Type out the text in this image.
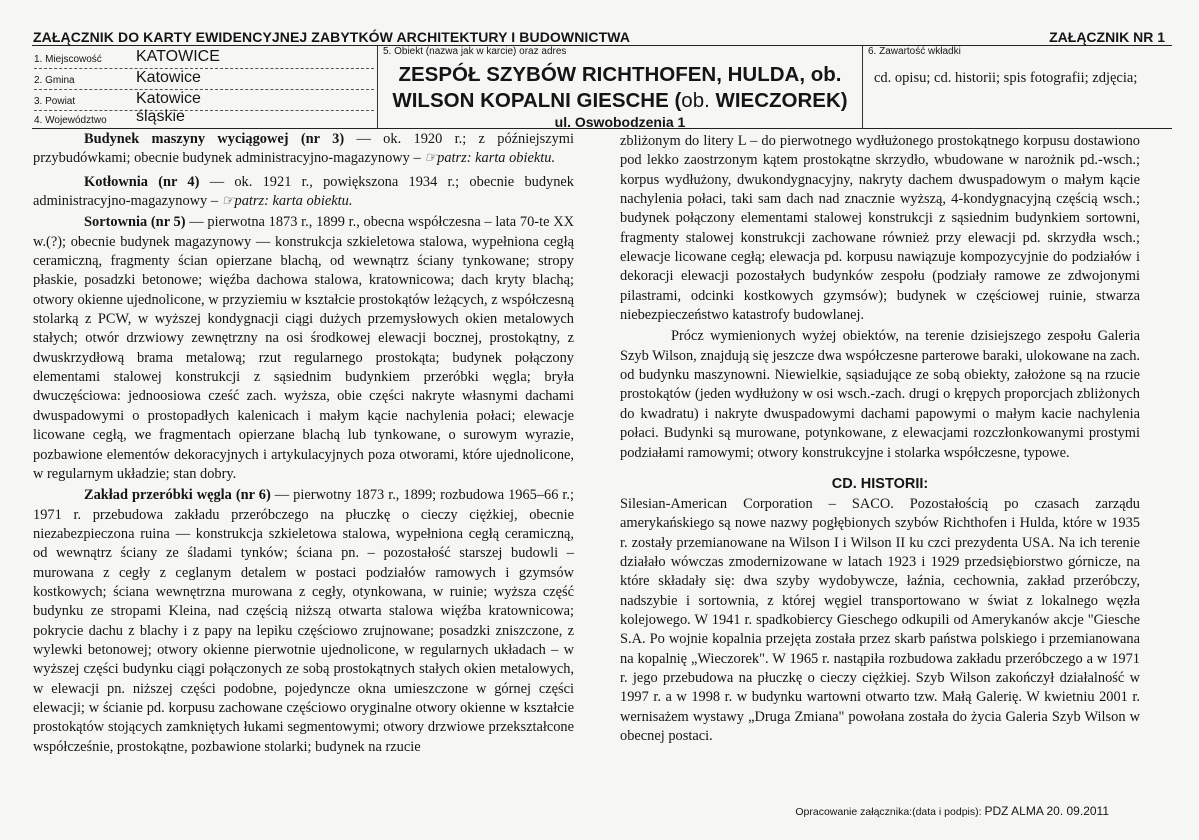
ZAŁĄCZNIK DO KARTY EWIDENCYJNEJ ZABYTKÓW ARCHITEKTURY I BUDOWNICTWA	ZAŁĄCZNIK NR 1
1. Miejscowość KATOWICE
2. Gmina	Katowice
3. Powiat	Katowice
4. Województwo śląskie
5. Obiekt (nazwa jak w karcie) oraz adres
ZESPÓŁ SZYBÓW RICHTHOFEN, HULDA, ob.
WILSON KOPALNI GIESCHE (ob. WIECZOREK)
ul. Oswobodzenia 1
6. Zawartość wkładki
cd. opisu; cd. historii; spis fotografii; zdjęcia;

Budynek maszyny wyciągowej (nr 3) — ok. 1920 r.; z późniejszymi przybudówkami; obecnie budynek administracyjno-magazynowy – ☞patrz: karta obiektu.

Kotłownia (nr 4) — ok. 1921 r., powiększona 1934 r.; obecnie budynek administracyjno-magazynowy – ☞patrz: karta obiektu.

Sortownia (nr 5) — pierwotna 1873 r., 1899 r., obecna współczesna – lata 70-te XX w.(?); obecnie budynek magazynowy — konstrukcja szkieletowa stalowa, wypełniona cegłą ceramiczną, fragmenty ścian opierzane blachą, od wewnątrz ściany tynkowane; stropy płaskie, posadzki betonowe; więźba dachowa stalowa, kratownicowa; dach kryty blachą; otwory okienne ujednolicone, w przyziemiu w kształcie prostokątów leżących, z współczesną stolarką z PCW, w wyższej kondygnacji ciągi dużych przemysłowych okien metalowych stałych; otwór drzwiowy zewnętrzny na osi środkowej elewacji bocznej, prostokątny, z dwuskrzydłową brama metalową; rzut regularnego prostokąta; budynek połączony elementami stalowej konstrukcji z sąsiednim budynkiem przeróbki węgla; bryła dwuczęściowa: jednoosiowa cześć zach. wyższa, obie części nakryte własnymi dachami dwuspadowymi o prostopadłych kalenicach i małym kącie nachylenia połaci; elewacje licowane cegłą, we fragmentach opierzane blachą lub tynkowane, o surowym wyrazie, pozbawione elementów dekoracyjnych i artykulacyjnych poza otworami, które ujednolicone, w regularnym układzie; stan dobry.

Zakład przeróbki węgla (nr 6) — pierwotny 1873 r., 1899; rozbudowa 1965–66 r.; 1971 r. przebudowa zakładu przeróbczego na płuczkę o cieczy ciężkiej, obecnie niezabezpieczona ruina — konstrukcja szkieletowa stalowa, wypełniona cegłą ceramiczną, od wewnątrz ściany ze śladami tynków; ściana pn. – pozostałość starszej budowli – murowana z cegły z ceglanym detalem w postaci podziałów ramowych i gzymsów kostkowych; ściana wewnętrzna murowana z cegły, otynkowana, w ruinie; wyższa część budynku ze stropami Kleina, nad częścią niższą otwarta stalowa więźba kratownicowa; pokrycie dachu z blachy i z papy na lepiku częściowo zrujnowane; posadzki zniszczone, z wylewki betonowej; otwory okienne pierwotnie ujednolicone, w regularnych układach – w wyższej części budynku ciągi połączonych ze sobą prostokątnych stałych okien metalowych, w elewacji pn. niższej części podobne, pojedyncze okna umieszczone w górnej części elewacji; w ścianie pd. korpusu zachowane częściowo oryginalne otwory okienne w kształcie prostokątów stojących zamkniętych łukami segmentowymi; otwory drzwiowe przekształcone współcześnie, prostokątne, pozbawione stolarki; budynek na rzucie

zbliżonym do litery L – do pierwotnego wydłużonego prostokątnego korpusu dostawiono pod lekko zaostrzonym kątem prostokątne skrzydło, wbudowane w narożnik pd.-wsch.; korpus wydłużony, dwukondygnacyjny, nakryty dachem dwuspadowym o małym kącie nachylenia połaci, taki sam dach nad znacznie wyższą, 4-kondygnacyjną częścią wsch.; budynek połączony elementami stalowej konstrukcji z sąsiednim budynkiem sortowni, fragmenty stalowej konstrukcji zachowane również przy elewacji pd. skrzydła wsch.; elewacje licowane cegłą; elewacja pd. korpusu nawiązuje kompozycyjnie do podziałów i dekoracji elewacji pozostałych budynków zespołu (podziały ramowe ze zdwojonymi pilastrami, odcinki kostkowych gzymsów); budynek w częściowej ruinie, stwarza niebezpieczeństwo katastrofy budowlanej.

Prócz wymienionych wyżej obiektów, na terenie dzisiejszego zespołu Galeria Szyb Wilson, znajdują się jeszcze dwa współczesne parterowe baraki, ulokowane na zach. od budynku maszynowni. Niewielkie, sąsiadujące ze sobą obiekty, założone są na rzucie prostokątów (jeden wydłużony w osi wsch.-zach. drugi o krępych proporcjach zbliżonych do kwadratu) i nakryte dwuspadowymi dachami papowymi o małym kacie nachylenia połaci. Budynki są murowane, potynkowane, z elewacjami rozczłonkowanymi prostymi podziałami ramowymi; otwory konstrukcyjne i stolarka współczesne, typowe.

CD. HISTORII:

Silesian-American Corporation – SACO. Pozostałością po czasach zarządu amerykańskiego są nowe nazwy pogłębionych szybów Richthofen i Hulda, które w 1935 r. zostały przemianowane na Wilson I i Wilson II ku czci prezydenta USA. Na ich terenie działało wówczas zmodernizowane w latach 1923 i 1929 przedsiębiorstwo górnicze, na które składały się: dwa szyby wydobywcze, łaźnia, cechownia, zakład przeróbczy, nadszybie i sortownia, z której węgiel transportowano w świat z lokalnego węzła kolejowego. W 1941 r. spadkobiercy Gieschego odkupili od Amerykanów akcje "Giesche S.A. Po wojnie kopalnia przejęta została przez skarb państwa polskiego i przemianowana na kopalnię „Wieczorek". W 1965 r. nastąpiła rozbudowa zakładu przeróbczego a w 1971 r. jego przebudowa na płuczkę o cieczy ciężkiej. Szyb Wilson zakończył działalność w 1997 r. a w 1998 r. w budynku wartowni otwarto tzw. Małą Galerię. W kwietniu 2001 r. wernisażem wystawy „Druga Zmiana" powołana została do życia Galeria Szyb Wilson w obecnej postaci.

Opracowanie załącznika:(data i podpis): PDZ ALMA 20. 09.2011
